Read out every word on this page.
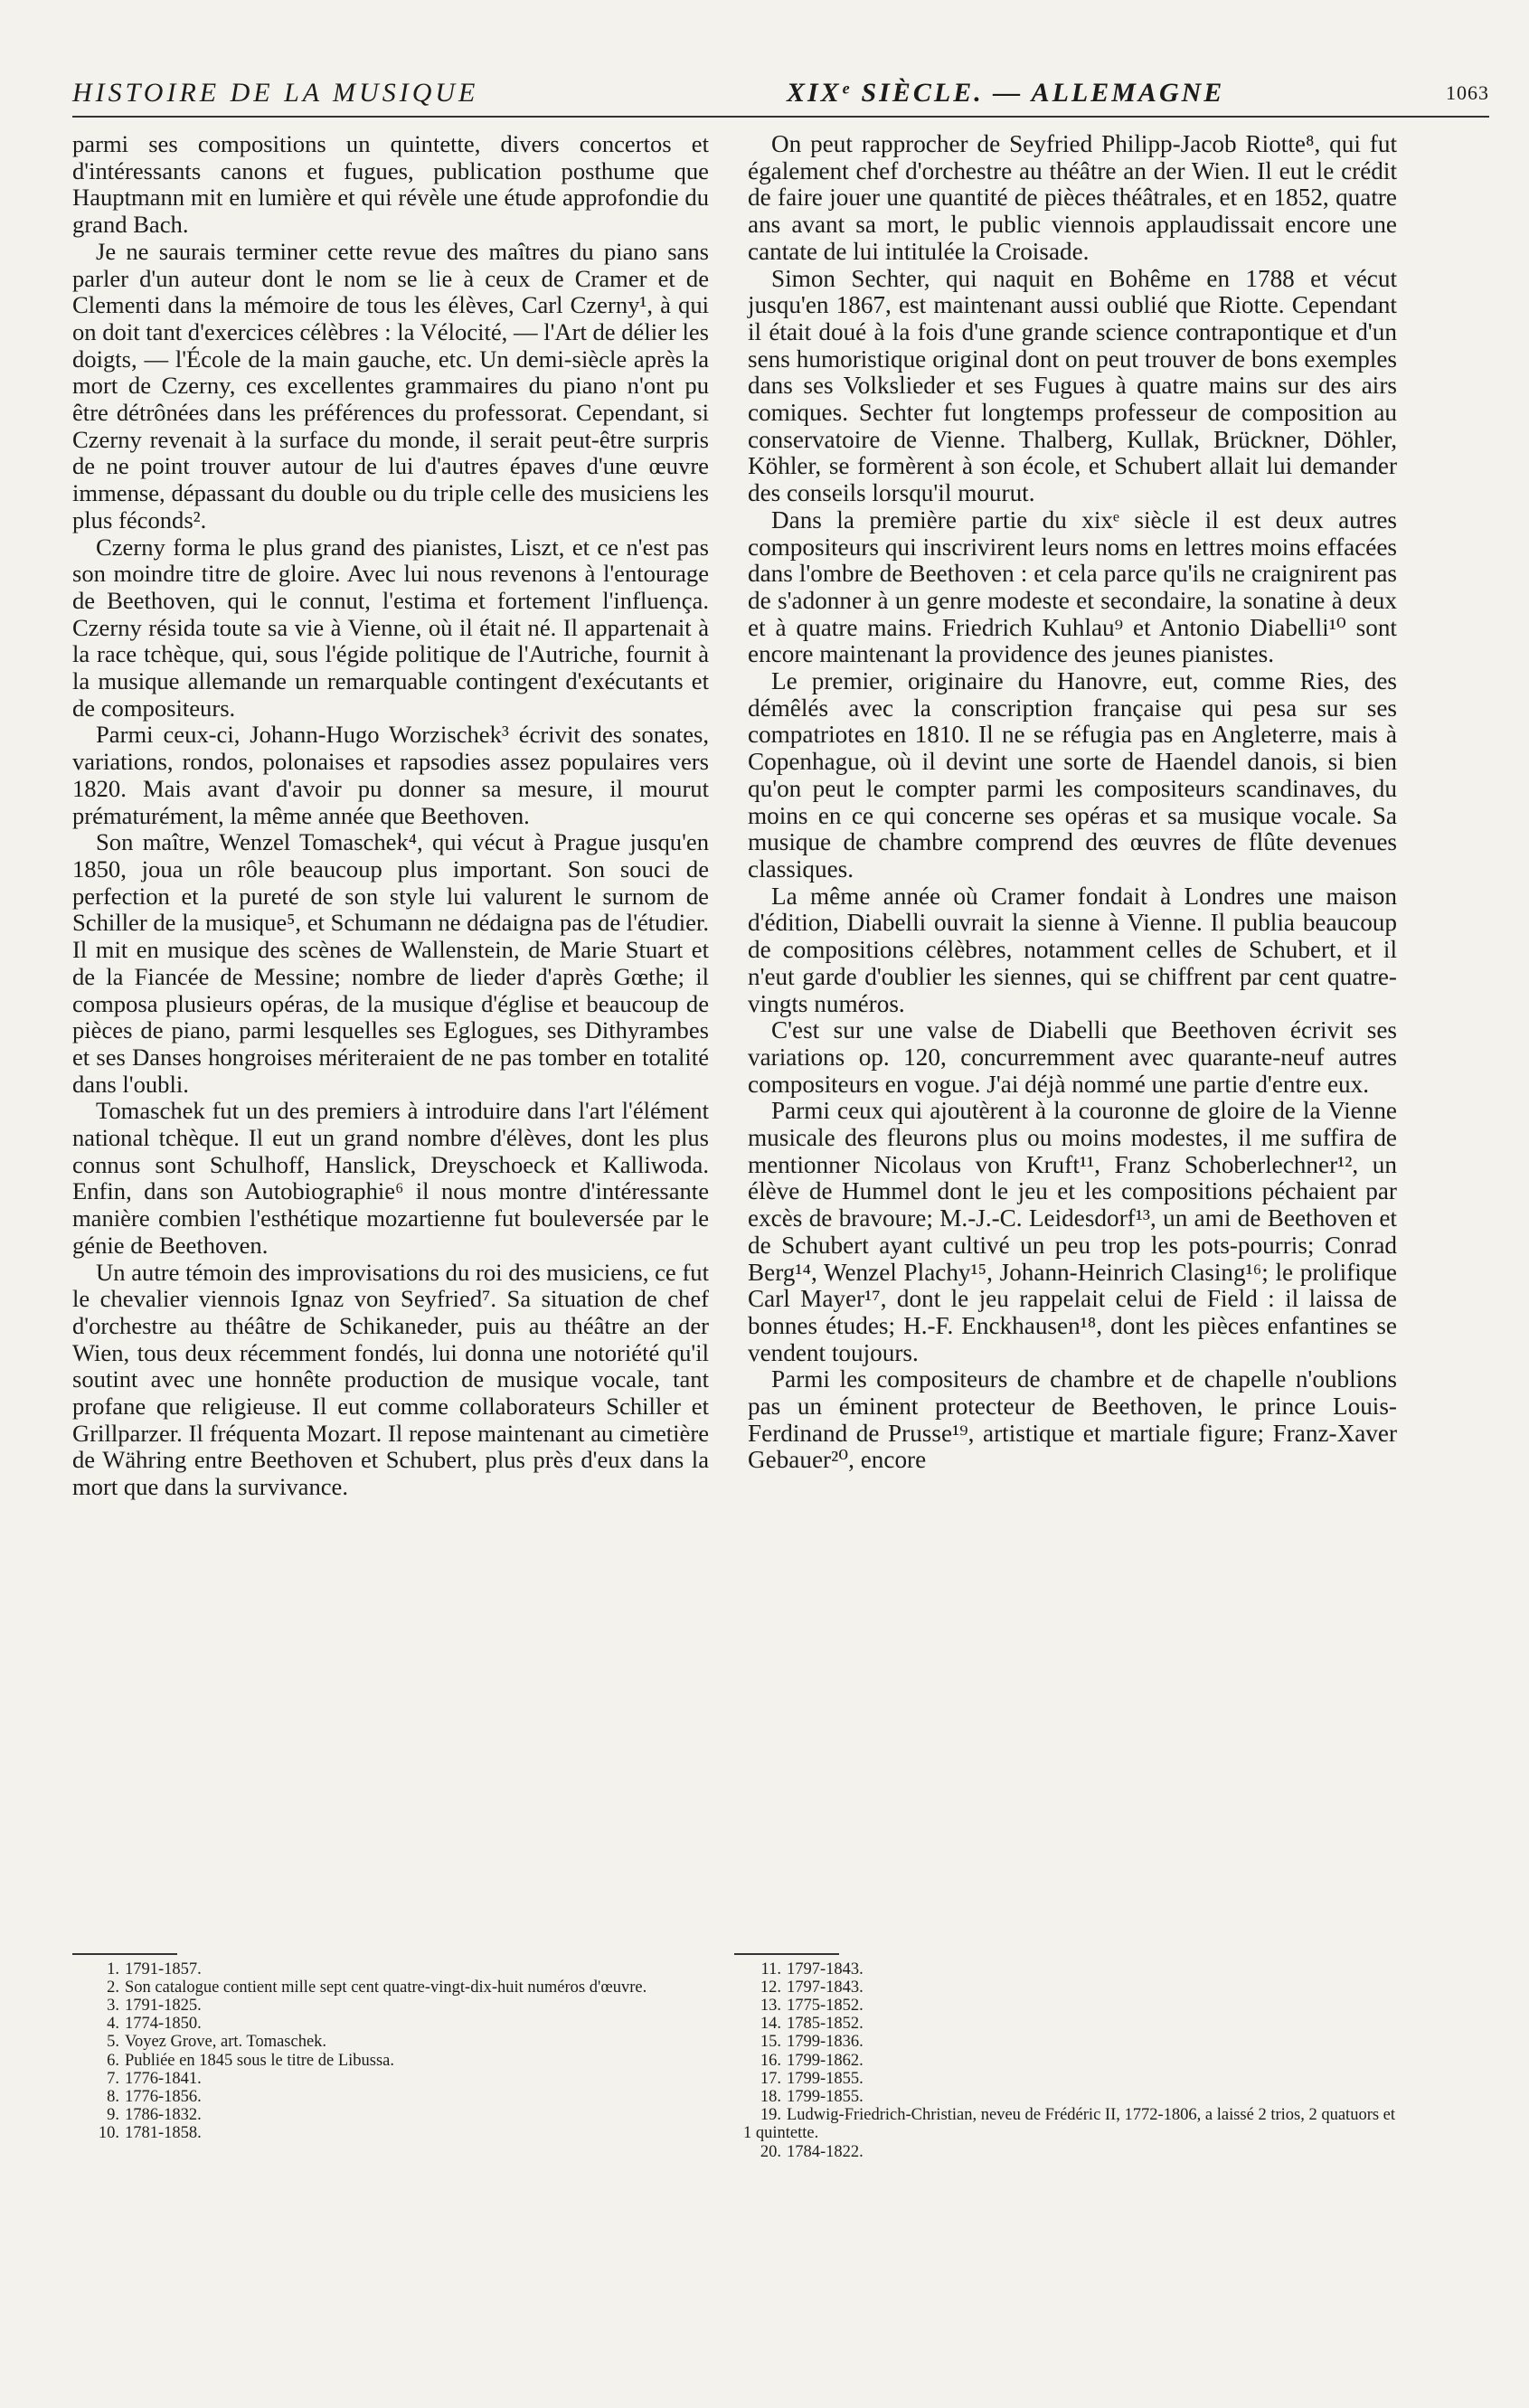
HISTOIRE DE LA MUSIQUE	XIXᵉ SIÈCLE. — ALLEMAGNE	1063

parmi ses compositions un quintette, divers concertos et d'intéressants canons et fugues, publication posthume que Hauptmann mit en lumière et qui révèle une étude approfondie du grand Bach.

Je ne saurais terminer cette revue des maîtres du piano sans parler d'un auteur dont le nom se lie à ceux de Cramer et de Clementi dans la mémoire de tous les élèves, Carl Czerny¹, à qui on doit tant d'exercices célèbres : la Vélocité, — l'Art de délier les doigts, — l'École de la main gauche, etc. Un demi-siècle après la mort de Czerny, ces excellentes grammaires du piano n'ont pu être détrônées dans les préférences du professorat. Cependant, si Czerny revenait à la surface du monde, il serait peut-être surpris de ne point trouver autour de lui d'autres épaves d'une œuvre immense, dépassant du double ou du triple celle des musiciens les plus féconds².

Czerny forma le plus grand des pianistes, Liszt, et ce n'est pas son moindre titre de gloire. Avec lui nous revenons à l'entourage de Beethoven, qui le connut, l'estima et fortement l'influença. Czerny résida toute sa vie à Vienne, où il était né. Il appartenait à la race tchèque, qui, sous l'égide politique de l'Autriche, fournit à la musique allemande un remarquable contingent d'exécutants et de compositeurs.

Parmi ceux-ci, Johann-Hugo Worzischek³ écrivit des sonates, variations, rondos, polonaises et rapsodies assez populaires vers 1820. Mais avant d'avoir pu donner sa mesure, il mourut prématurément, la même année que Beethoven.

Son maître, Wenzel Tomaschek⁴, qui vécut à Prague jusqu'en 1850, joua un rôle beaucoup plus important. Son souci de perfection et la pureté de son style lui valurent le surnom de Schiller de la musique⁵, et Schumann ne dédaigna pas de l'étudier. Il mit en musique des scènes de Wallenstein, de Marie Stuart et de la Fiancée de Messine; nombre de lieder d'après Gœthe; il composa plusieurs opéras, de la musique d'église et beaucoup de pièces de piano, parmi lesquelles ses Eglogues, ses Dithyrambes et ses Danses hongroises mériteraient de ne pas tomber en totalité dans l'oubli.

Tomaschek fut un des premiers à introduire dans l'art l'élément national tchèque. Il eut un grand nombre d'élèves, dont les plus connus sont Schulhoff, Hanslick, Dreyschoeck et Kalliwoda. Enfin, dans son Autobiographie⁶ il nous montre d'intéressante manière combien l'esthétique mozartienne fut bouleversée par le génie de Beethoven.

Un autre témoin des improvisations du roi des musiciens, ce fut le chevalier viennois Ignaz von Seyfried⁷. Sa situation de chef d'orchestre au théâtre de Schikaneder, puis au théâtre an der Wien, tous deux récemment fondés, lui donna une notoriété qu'il soutint avec une honnête production de musique vocale, tant profane que religieuse. Il eut comme collaborateurs Schiller et Grillparzer. Il fréquenta Mozart. Il repose maintenant au cimetière de Währing entre Beethoven et Schubert, plus près d'eux dans la mort que dans la survivance.

On peut rapprocher de Seyfried Philipp-Jacob Riotte⁸, qui fut également chef d'orchestre au théâtre an der Wien. Il eut le crédit de faire jouer une quantité de pièces théâtrales, et en 1852, quatre ans avant sa mort, le public viennois applaudissait encore une cantate de lui intitulée la Croisade.

Simon Sechter, qui naquit en Bohême en 1788 et vécut jusqu'en 1867, est maintenant aussi oublié que Riotte. Cependant il était doué à la fois d'une grande science contrapontique et d'un sens humoristique original dont on peut trouver de bons exemples dans ses Volkslieder et ses Fugues à quatre mains sur des airs comiques. Sechter fut longtemps professeur de composition au conservatoire de Vienne. Thalberg, Kullak, Brückner, Döhler, Köhler, se formèrent à son école, et Schubert allait lui demander des conseils lorsqu'il mourut.

Dans la première partie du xixᵉ siècle il est deux autres compositeurs qui inscrivirent leurs noms en lettres moins effacées dans l'ombre de Beethoven : et cela parce qu'ils ne craignirent pas de s'adonner à un genre modeste et secondaire, la sonatine à deux et à quatre mains. Friedrich Kuhlau⁹ et Antonio Diabelli¹⁰ sont encore maintenant la providence des jeunes pianistes.

Le premier, originaire du Hanovre, eut, comme Ries, des démêlés avec la conscription française qui pesa sur ses compatriotes en 1810. Il ne se réfugia pas en Angleterre, mais à Copenhague, où il devint une sorte de Haendel danois, si bien qu'on peut le compter parmi les compositeurs scandinaves, du moins en ce qui concerne ses opéras et sa musique vocale. Sa musique de chambre comprend des œuvres de flûte devenues classiques.

La même année où Cramer fondait à Londres une maison d'édition, Diabelli ouvrait la sienne à Vienne. Il publia beaucoup de compositions célèbres, notamment celles de Schubert, et il n'eut garde d'oublier les siennes, qui se chiffrent par cent quatre-vingts numéros.

C'est sur une valse de Diabelli que Beethoven écrivit ses variations op. 120, concurremment avec quarante-neuf autres compositeurs en vogue. J'ai déjà nommé une partie d'entre eux.

Parmi ceux qui ajoutèrent à la couronne de gloire de la Vienne musicale des fleurons plus ou moins modestes, il me suffira de mentionner Nicolaus von Kruft¹¹, Franz Schoberlechner¹², un élève de Hummel dont le jeu et les compositions péchaient par excès de bravoure; M.-J.-C. Leidesdorf¹³, un ami de Beethoven et de Schubert ayant cultivé un peu trop les pots-pourris; Conrad Berg¹⁴, Wenzel Plachy¹⁵, Johann-Heinrich Clasing¹⁶; le prolifique Carl Mayer¹⁷, dont le jeu rappelait celui de Field : il laissa de bonnes études; H.-F. Enckhausen¹⁸, dont les pièces enfantines se vendent toujours.

Parmi les compositeurs de chambre et de chapelle n'oublions pas un éminent protecteur de Beethoven, le prince Louis-Ferdinand de Prusse¹⁹, artistique et martiale figure; Franz-Xaver Gebauer²⁰, encore

1. 1791-1857.
2. Son catalogue contient mille sept cent quatre-vingt-dix-huit numéros d'œuvre.
3. 1791-1825.
4. 1774-1850.
5. Voyez Grove, art. Tomaschek.
6. Publiée en 1845 sous le titre de Libussa.
7. 1776-1841.
8. 1776-1856.
9. 1786-1832.
10. 1781-1858.
11. 1797-1843.
12. 1797-1843.
13. 1775-1852.
14. 1785-1852.
15. 1799-1836.
16. 1799-1862.
17. 1799-1855.
18. 1799-1855.
19. Ludwig-Friedrich-Christian, neveu de Frédéric II, 1772-1806, a laissé 2 trios, 2 quatuors et 1 quintette.
20. 1784-1822.
